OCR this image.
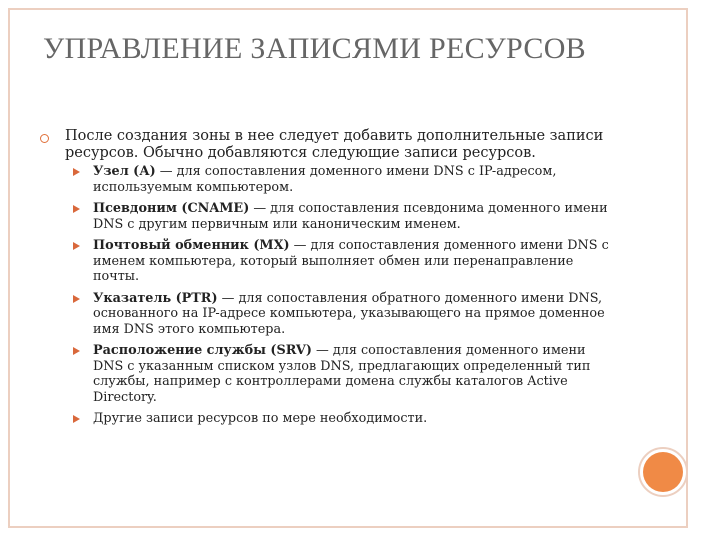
УПРАВЛЕНИЕ ЗАПИСЯМИ РЕСУРСОВ
После создания зоны в нее следует добавить дополнительные записи ресурсов. Обычно добавляются следующие записи ресурсов.
Узел (А) — для сопоставления доменного имени DNS с IP-адресом, используемым компьютером.
Псевдоним (CNAME) — для сопоставления псевдонима доменного имени DNS с другим первичным или каноническим именем.
Почтовый обменник (МХ) — для сопоставления доменного имени DNS с именем компьютера, который выполняет обмен или перенаправление почты.
Указатель (PTR) — для сопоставления обратного доменного имени DNS, основанного на IP-адресе компьютера, указывающего на прямое доменное имя DNS этого компьютера.
Расположение службы (SRV) — для сопоставления доменного имени DNS с указанным списком узлов DNS, предлагающих определенный тип службы, например с контроллерами домена службы каталогов Active Directory.
Другие записи ресурсов по мере необходимости.
